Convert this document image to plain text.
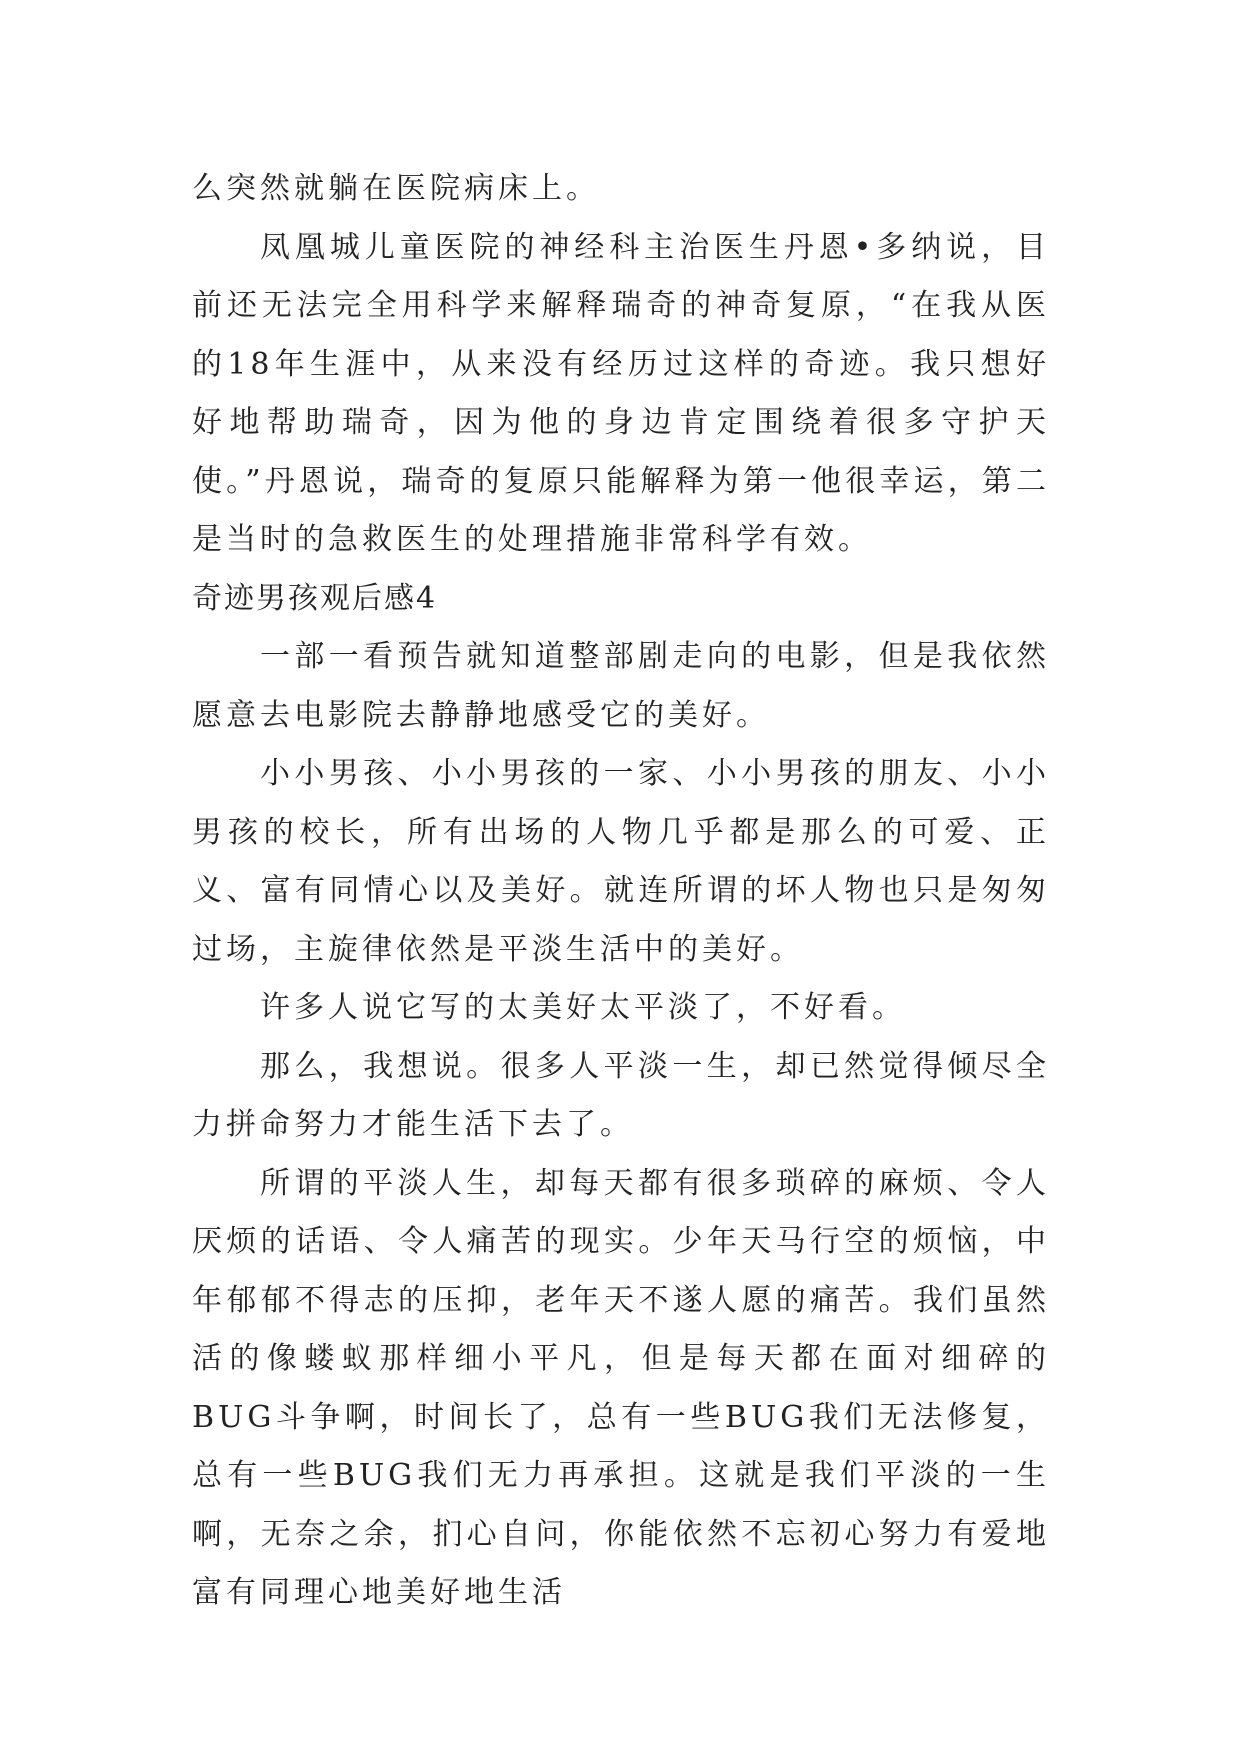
么突然就躺在医院病床上。

凤凰城儿童医院的神经科主治医生丹恩•多纳说，目前还无法完全用科学来解释瑞奇的神奇复原，“在我从医的18年生涯中，从来没有经历过这样的奇迹。我只想好好地帮助瑞奇，因为他的身边肯定围绕着很多守护天使。”丹恩说，瑞奇的复原只能解释为第一他很幸运，第二是当时的急救医生的处理措施非常科学有效。

奇迹男孩观后感4

一部一看预告就知道整部剧走向的电影，但是我依然愿意去电影院去静静地感受它的美好。

小小男孩、小小男孩的一家、小小男孩的朋友、小小男孩的校长，所有出场的人物几乎都是那么的可爱、正义、富有同情心以及美好。就连所谓的坏人物也只是匆匆过场，主旋律依然是平淡生活中的美好。

许多人说它写的太美好太平淡了，不好看。

那么，我想说。很多人平淡一生，却已然觉得倾尽全力拼命努力才能生活下去了。

所谓的平淡人生，却每天都有很多琐碎的麻烦、令人厌烦的话语、令人痛苦的现实。少年天马行空的烦恼，中年郁郁不得志的压抑，老年天不遂人愿的痛苦。我们虽然活的像蝼蚁那样细小平凡，但是每天都在面对细碎的BUG斗争啊，时间长了，总有一些BUG我们无法修复，总有一些BUG我们无力再承担。这就是我们平淡的一生啊，无奈之余，扪心自问，你能依然不忘初心努力有爱地富有同理心地美好地生活
